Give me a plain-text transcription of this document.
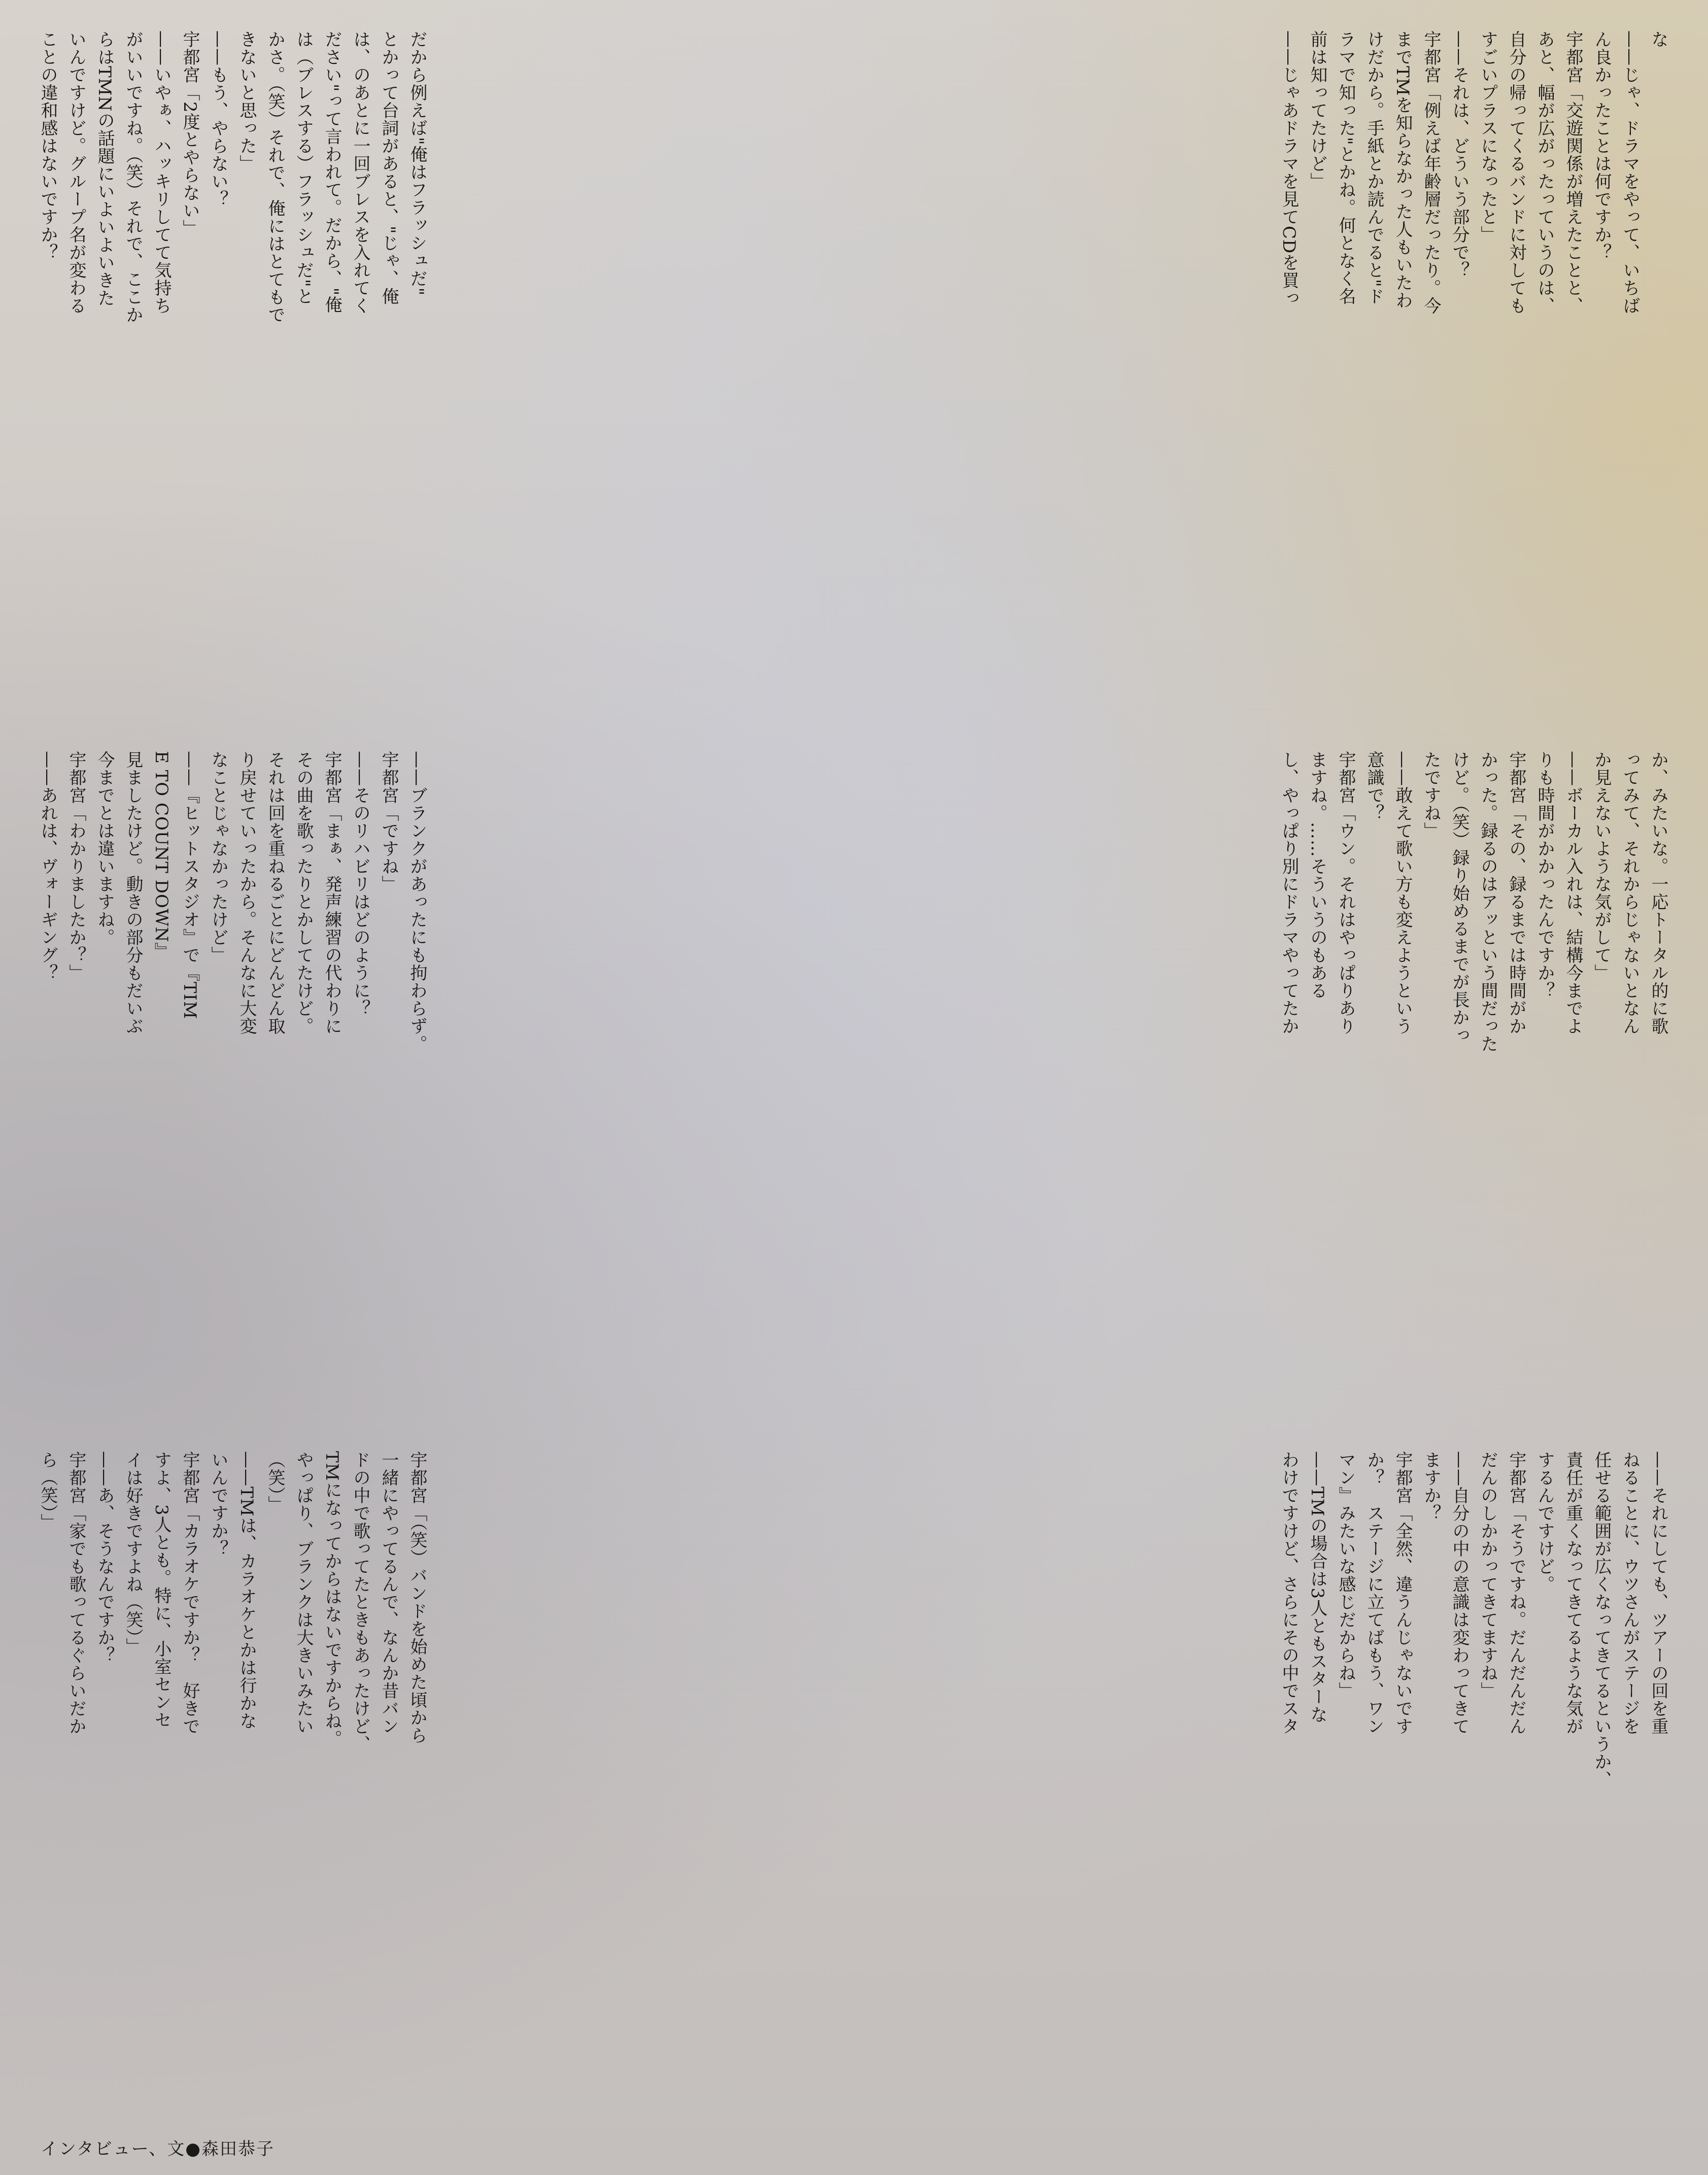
な
——じゃ、ドラマをやって、いちば
ん良かったことは何ですか？
宇都宮「交遊関係が増えたことと、
あと、幅が広がったっていうのは、
自分の帰ってくるバンドに対しても
すごいプラスになったと」
——それは、どういう部分で？
宇都宮「例えば年齢層だったり。今
までTMを知らなかった人もいたわ
けだから。手紙とか読んでると"ド
ラマで知った"とかね。何となく名
前は知ってたけど」
——じゃあドラマを見てCDを買っ

だから例えば"俺はフラッシュだ"
とかって台詞があると、"じゃ、俺
は、のあとに一回ブレスを入れてく
ださい"って言われて。だから、"俺
は（ブレスする）フラッシュだ"と
かさ。（笑）それで、俺にはとてもで
きないと思った」
——もう、やらない？
宇都宮「2度とやらない」
——いやぁ、ハッキリしてて気持ち
がいいですね。（笑）それで、ここか
らはTMNの話題にいよいよいきた
いんですけど。グループ名が変わる
ことの違和感はないですか？

か、みたいな。一応トータル的に歌
ってみて、それからじゃないとなん
か見えないような気がして」
——ボーカル入れは、結構今までよ
りも時間がかかったんですか？
宇都宮「その、録るまでは時間がか
かった。録るのはアッという間だった
けど。（笑）録り始めるまでが長かっ
たですね」
——敢えて歌い方も変えようという
意識で？
宇都宮「ウン。それはやっぱりあり
ますね。……そういうのもある
し、やっぱり別にドラマやってたか

——ブランクがあったにも拘わらず。
宇都宮「ですね」
——そのリハビリはどのように？
宇都宮「まぁ、発声練習の代わりに
その曲を歌ったりとかしてたけど。
それは回を重ねるごとにどんどん取
り戻せていったから。そんなに大変
なことじゃなかったけど」
——『ヒットスタジオ』で『TIM
E TO COUNT DOWN』
見ましたけど。動きの部分もだいぶ
今までとは違いますね。
宇都宮「わかりましたか？」
——あれは、ヴォーギング？

——それにしても、ツアーの回を重
ねることに、ウツさんがステージを
任せる範囲が広くなってきてるというか、
責任が重くなってきてるような気が
するんですけど。
宇都宮「そうですね。だんだんだん
だんのしかかってきてますね」
——自分の中の意識は変わってきて
ますか？
宇都宮「全然、違うんじゃないです
か？　ステージに立てばもう、ワン
マン』みたいな感じだからね」
——TMの場合は3人ともスターな
わけですけど、さらにその中でスタ

宇都宮「（笑）バンドを始めた頃から
一緒にやってるんで、なんか昔バン
ドの中で歌ってたときもあったけど、
TMになってからはないですからね。
やっぱり、ブランクは大きいみたい
（笑）」
——TMは、カラオケとかは行かな
いんですか？
宇都宮「カラオケですか？　好きで
すよ、3人とも。特に、小室センセ
イは好きですよね（笑）」
——あ、そうなんですか？
宇都宮「家でも歌ってるぐらいだか
ら（笑）」

インタビュー、文●森田恭子
